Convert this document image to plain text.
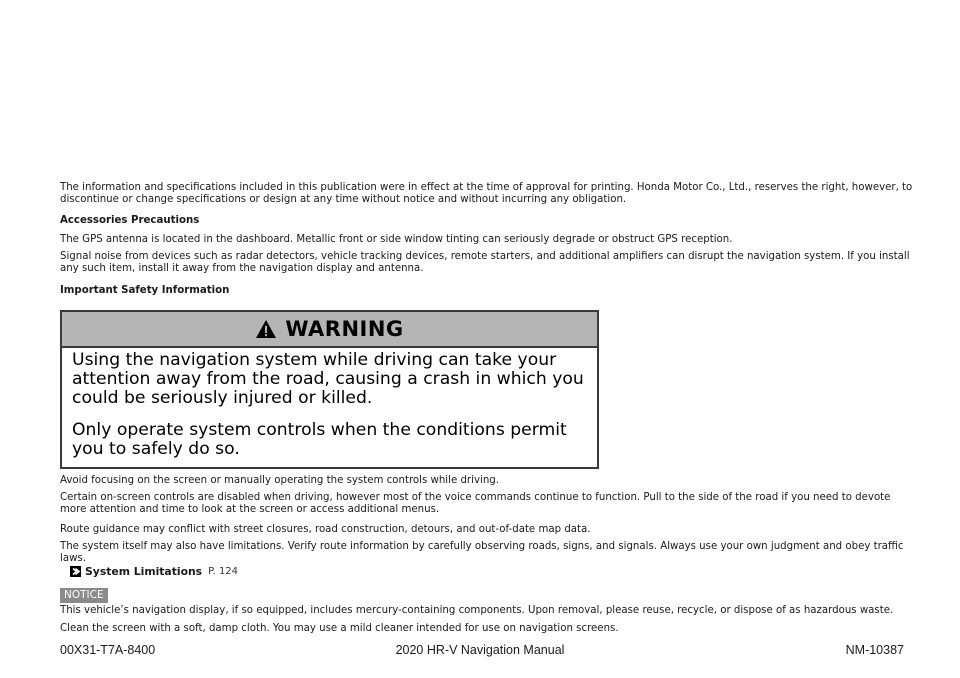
The information and specifications included in this publication were in effect at the time of approval for printing. Honda Motor Co., Ltd., reserves the right, however, to discontinue or change specifications or design at any time without notice and without incurring any obligation.

Accessories Precautions

The GPS antenna is located in the dashboard. Metallic front or side window tinting can seriously degrade or obstruct GPS reception.

Signal noise from devices such as radar detectors, vehicle tracking devices, remote starters, and additional amplifiers can disrupt the navigation system. If you install any such item, install it away from the navigation display and antenna.

Important Safety Information

WARNING

Using the navigation system while driving can take your attention away from the road, causing a crash in which you could be seriously injured or killed.

Only operate system controls when the conditions permit you to safely do so.

Avoid focusing on the screen or manually operating the system controls while driving.

Certain on-screen controls are disabled when driving, however most of the voice commands continue to function. Pull to the side of the road if you need to devote more attention and time to look at the screen or access additional menus.

Route guidance may conflict with street closures, road construction, detours, and out-of-date map data.

The system itself may also have limitations. Verify route information by carefully observing roads, signs, and signals. Always use your own judgment and obey traffic laws.

System Limitations P. 124
NOTICE

This vehicle’s navigation display, if so equipped, includes mercury-containing components. Upon removal, please reuse, recycle, or dispose of as hazardous waste.

Clean the screen with a soft, damp cloth. You may use a mild cleaner intended for use on navigation screens.

2020 HR-V Navigation Manual
00X31-T7A-8400	NM-10387
